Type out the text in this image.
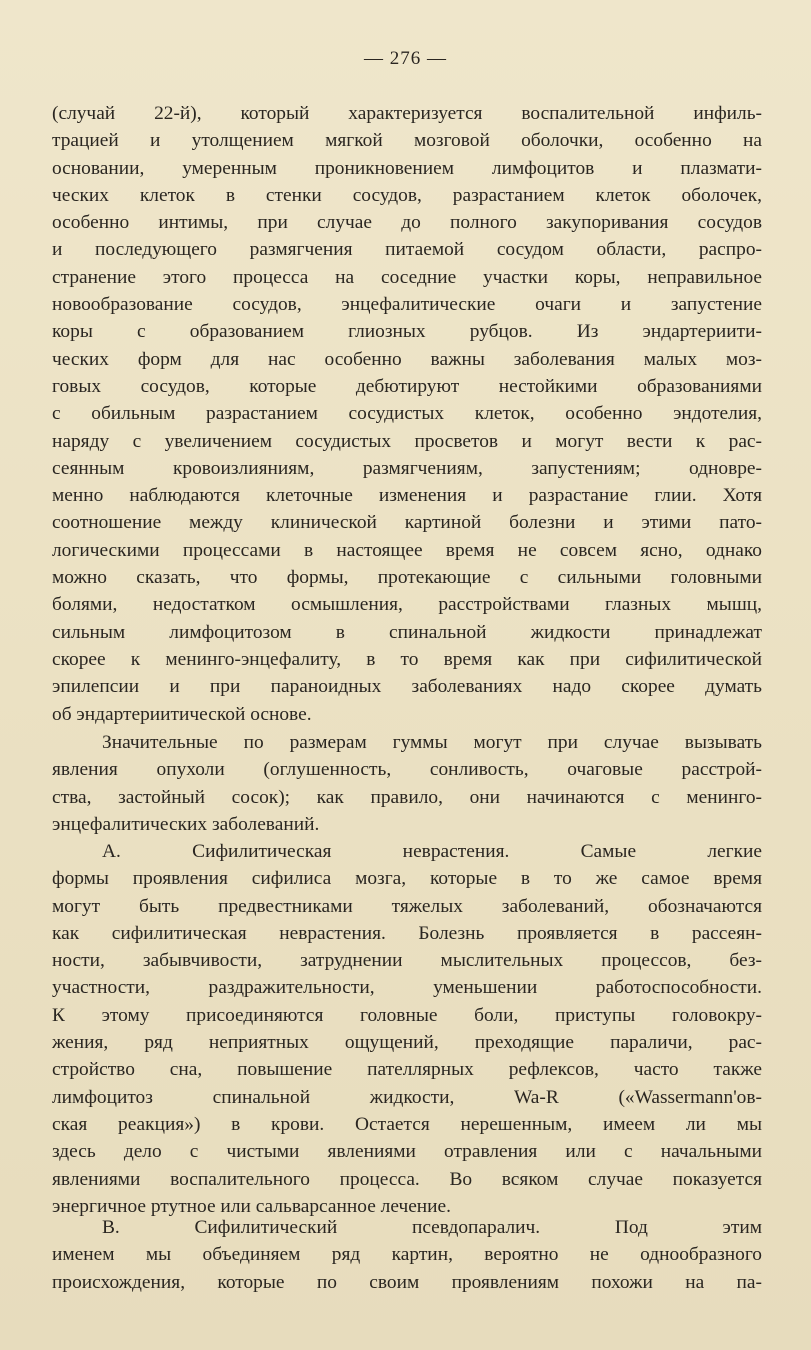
— 276 —
(случай 22-й), который характеризуется воспалительной инфиль-
трацией и утолщением мягкой мозговой оболочки, особенно на
основании, умеренным проникновением лимфоцитов и плазмати-
ческих клеток в стенки сосудов, разрастанием клеток оболочек,
особенно интимы, при случае до полного закупоривания сосудов
и последующего размягчения питаемой сосудом области, распро-
странение этого процесса на соседние участки коры, неправильное
новообразование сосудов, энцефалитические очаги и запустение
коры с образованием глиозных рубцов. Из эндартериити-
ческих форм для нас особенно важны заболевания малых моз-
говых сосудов, которые дебютируют нестойкими образованиями
с обильным разрастанием сосудистых клеток, особенно эндотелия,
наряду с увеличением сосудистых просветов и могут вести к рас-
сеянным кровоизлияниям, размягчениям, запустениям; одновре-
менно наблюдаются клеточные изменения и разрастание глии. Хотя
соотношение между клинической картиной болезни и этими пато-
логическими процессами в настоящее время не совсем ясно, однако
можно сказать, что формы, протекающие с сильными головными
болями, недостатком осмышления, расстройствами глазных мышц,
сильным лимфоцитозом в спинальной жидкости принадлежат
скорее к менинго-энцефалиту, в то время как при сифилитической
эпилепсии и при параноидных заболеваниях надо скорее думать
об эндартериитической основе.
Значительные по размерам гуммы могут при случае вызывать
явления опухоли (оглушенность, сонливость, очаговые расстрой-
ства, застойный сосок); как правило, они начинаются с менинго-
энцефалитических заболеваний.
А. Сифилитическая неврастения. Самые легкие
формы проявления сифилиса мозга, которые в то же самое время
могут быть предвестниками тяжелых заболеваний, обозначаются
как сифилитическая неврастения. Болезнь проявляется в рассеян-
ности, забывчивости, затруднении мыслительных процессов, без-
участности, раздражительности, уменьшении работоспособности.
К этому присоединяются головные боли, приступы головокру-
жения, ряд неприятных ощущений, преходящие параличи, рас-
стройство сна, повышение пателлярных рефлексов, часто также
лимфоцитоз спинальной жидкости, Wa-R («Wassermann'ов-
ская реакция») в крови. Остается нерешенным, имеем ли мы
здесь дело с чистыми явлениями отравления или с начальными
явлениями воспалительного процесса. Во всяком случае показуется
энергичное ртутное или сальварсанное лечение.
В. Сифилитический псевдопаралич. Под этим
именем мы объединяем ряд картин, вероятно не однообразного
происхождения, которые по своим проявлениям похожи на па-
